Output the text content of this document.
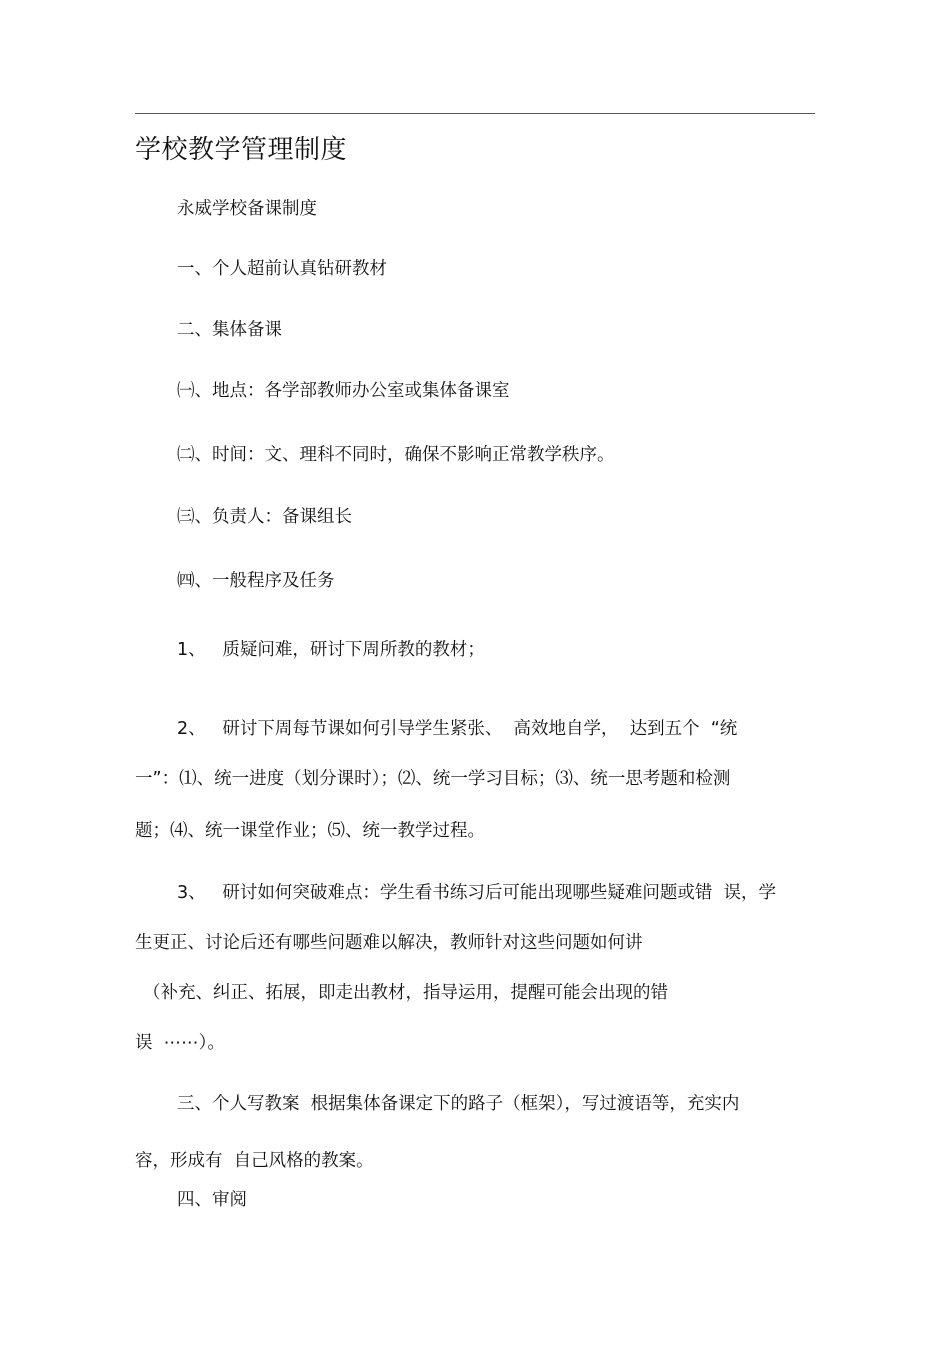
学校教学管理制度
永威学校备课制度
一、个人超前认真钻研教材
二、集体备课
㈠、地点：各学部教师办公室或集体备课室
㈡、时间：文、理科不同时，确保不影响正常教学秩序。
㈢、负责人：备课组长
㈣、一般程序及任务
1、   质疑问难，研讨下周所教的教材；
2、   研讨下周每节课如何引导学生紧张、  高效地自学，  达到五个  “统
一”：⑴、统一进度（划分课时）；⑵、统一学习目标；⑶、统一思考题和检测
题；⑷、统一课堂作业；⑸、统一教学过程。
3、   研讨如何突破难点：学生看书练习后可能出现哪些疑难问题或错  误，学
生更正、讨论后还有哪些问题难以解决，教师针对这些问题如何讲
（补充、纠正、拓展，即走出教材，指导运用，提醒可能会出现的错
误  ⋯⋯）。
三、个人写教案  根据集体备课定下的路子（框架），写过渡语等，充实内
容，形成有  自己风格的教案。
四、审阅
